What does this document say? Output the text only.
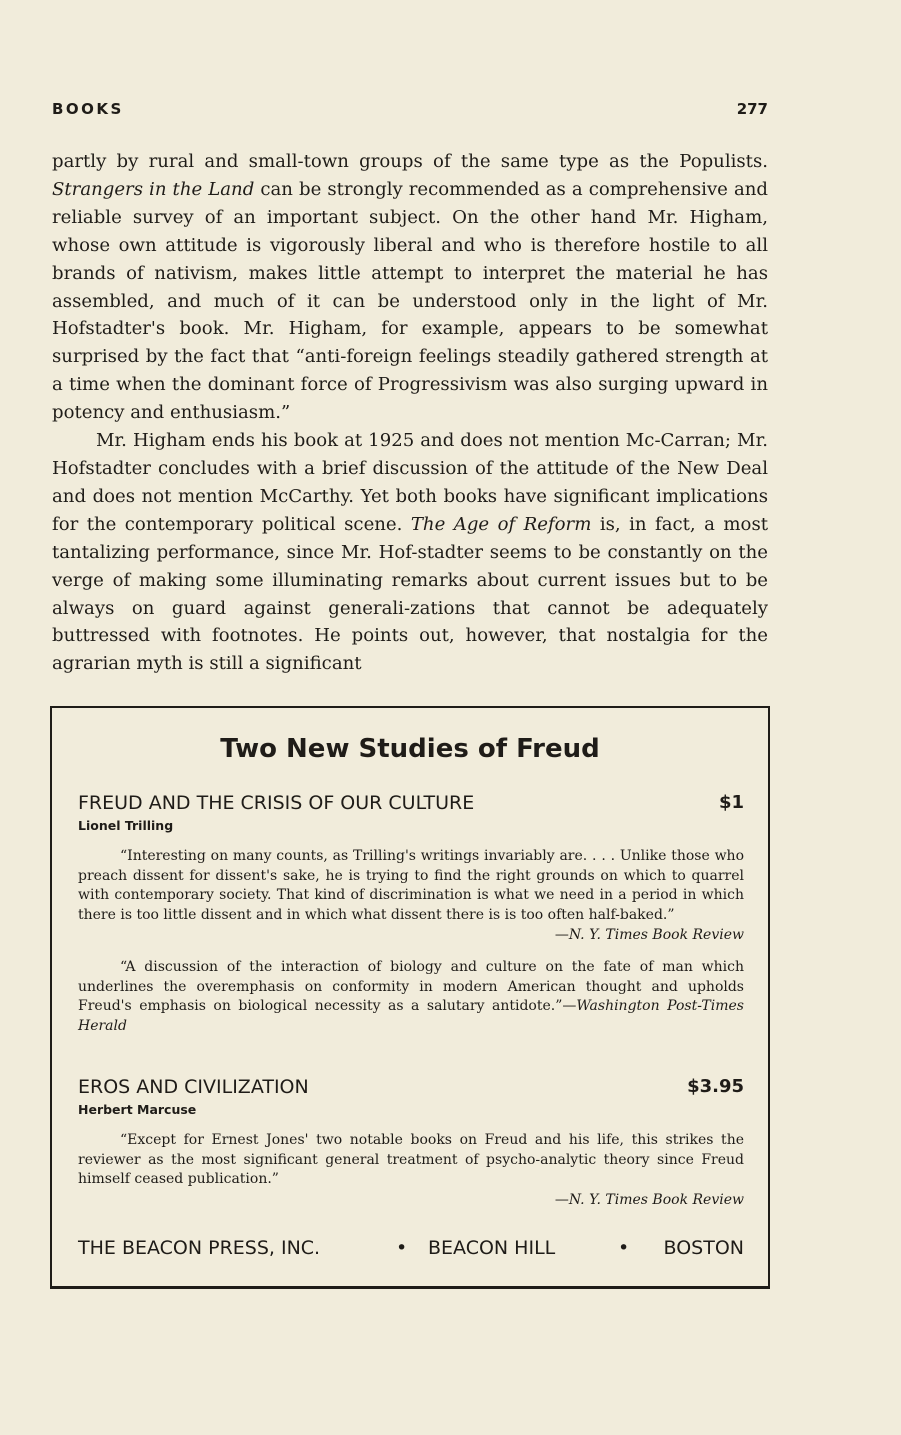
BOOKS	277

partly by rural and small-town groups of the same type as the Populists. Strangers in the Land can be strongly recommended as a comprehensive and reliable survey of an important subject. On the other hand Mr. Higham, whose own attitude is vigorously liberal and who is therefore hostile to all brands of nativism, makes little attempt to interpret the material he has assembled, and much of it can be understood only in the light of Mr. Hofstadter's book. Mr. Higham, for example, appears to be somewhat surprised by the fact that “anti-foreign feelings steadily gathered strength at a time when the dominant force of Progressivism was also surging upward in potency and enthusiasm.”

Mr. Higham ends his book at 1925 and does not mention Mc-Carran; Mr. Hofstadter concludes with a brief discussion of the attitude of the New Deal and does not mention McCarthy. Yet both books have significant implications for the contemporary political scene. The Age of Reform is, in fact, a most tantalizing performance, since Mr. Hof-stadter seems to be constantly on the verge of making some illuminating remarks about current issues but to be always on guard against generali-zations that cannot be adequately buttressed with footnotes. He points out, however, that nostalgia for the agrarian myth is still a significant

Two New Studies of Freud
FREUD AND THE CRISIS OF OUR CULTURE	$1
Lionel Trilling

“Interesting on many counts, as Trilling's writings invariably are. . . . Unlike those who preach dissent for dissent's sake, he is trying to find the right grounds on which to quarrel with contemporary society. That kind of discrimination is what we need in a period in which there is too little dissent and in which what dissent there is is too often half-baked.”

—N. Y. Times Book Review

“A discussion of the interaction of biology and culture on the fate of man which underlines the overemphasis on conformity in modern American thought and upholds Freud's emphasis on biological necessity as a salutary antidote.”—Washington Post-Times Herald

EROS AND CIVILIZATION	$3.95
Herbert Marcuse

“Except for Ernest Jones' two notable books on Freud and his life, this strikes the reviewer as the most significant general treatment of psycho-analytic theory since Freud himself ceased publication.”

—N. Y. Times Book Review

THE BEACON PRESS, INC.	• BEACON HILL	• BOSTON
